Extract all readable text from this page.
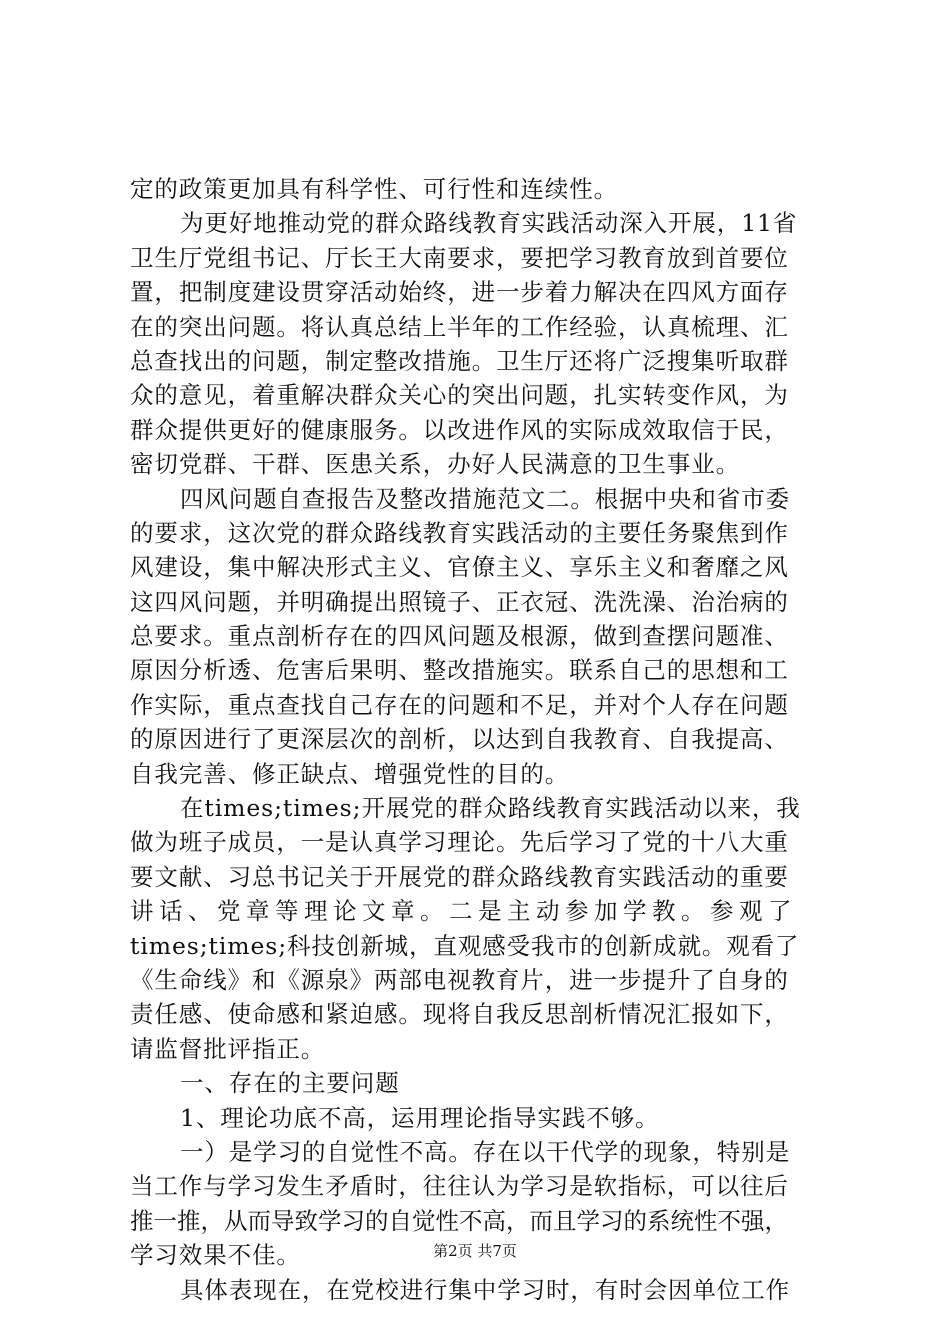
定的政策更加具有科学性、可行性和连续性。
为更好地推动党的群众路线教育实践活动深入开展，11省
卫生厅党组书记、厅长王大南要求，要把学习教育放到首要位
置，把制度建设贯穿活动始终，进一步着力解决在四风方面存
在的突出问题。将认真总结上半年的工作经验，认真梳理、汇
总查找出的问题，制定整改措施。卫生厅还将广泛搜集听取群
众的意见，着重解决群众关心的突出问题，扎实转变作风，为
群众提供更好的健康服务。以改进作风的实际成效取信于民，
密切党群、干群、医患关系，办好人民满意的卫生事业。
四风问题自查报告及整改措施范文二。根据中央和省市委
的要求，这次党的群众路线教育实践活动的主要任务聚焦到作
风建设，集中解决形式主义、官僚主义、享乐主义和奢靡之风
这四风问题，并明确提出照镜子、正衣冠、洗洗澡、治治病的
总要求。重点剖析存在的四风问题及根源，做到查摆问题准、
原因分析透、危害后果明、整改措施实。联系自己的思想和工
作实际，重点查找自己存在的问题和不足，并对个人存在问题
的原因进行了更深层次的剖析，以达到自我教育、自我提高、
自我完善、修正缺点、增强党性的目的。
在times;times;开展党的群众路线教育实践活动以来，我
做为班子成员，一是认真学习理论。先后学习了党的十八大重
要文献、习总书记关于开展党的群众路线教育实践活动的重要
讲话、党章等理论文章。二是主动参加学教。参观了
times;times;科技创新城，直观感受我市的创新成就。观看了
《生命线》和《源泉》两部电视教育片，进一步提升了自身的
责任感、使命感和紧迫感。现将自我反思剖析情况汇报如下，
请监督批评指正。
一、存在的主要问题
1、理论功底不高，运用理论指导实践不够。
一）是学习的自觉性不高。存在以干代学的现象，特别是
当工作与学习发生矛盾时，往往认为学习是软指标，可以往后
推一推，从而导致学习的自觉性不高，而且学习的系统性不强，
学习效果不佳。
具体表现在，在党校进行集中学习时，有时会因单位工作
第2页 共7页
